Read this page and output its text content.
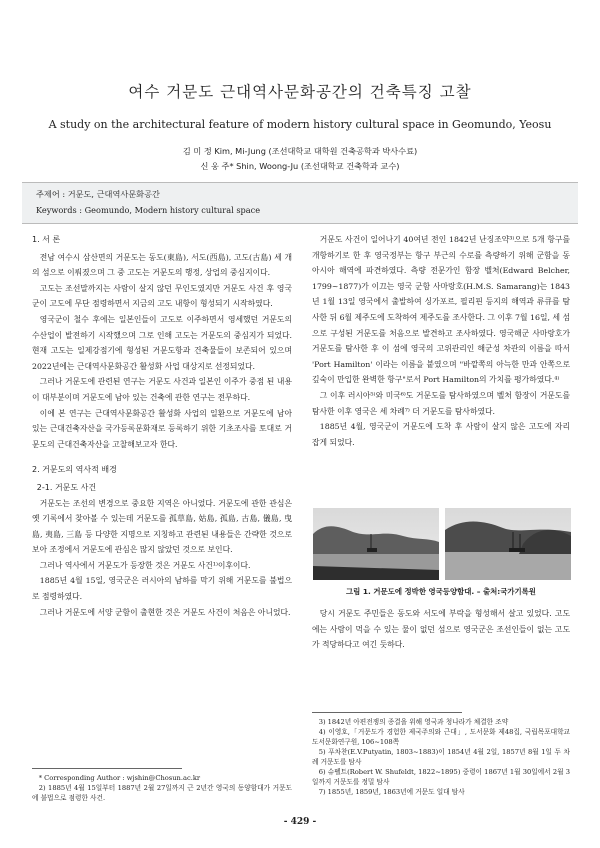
여수 거문도 근대역사문화공간의 건축특징 고찰
A study on the architectural feature of modern history cultural space in Geomundo, Yeosu
김 미 정 Kim, Mi-Jung (조선대학교 대학원 건축공학과 박사수료)
신 웅 주* Shin, Woong-Ju (조선대학교 건축학과 교수)
주제어 : 거문도, 근대역사문화공간
Keywords : Geomundo, Modern history cultural space
1. 서 론

전남 여수시 삼산면의 거문도는 동도(東島), 서도(西島), 고도(古島) 세 개의 섬으로 이뤄졌으며 그 중 고도는 거문도의 행정, 상업의 중심지이다.

고도는 조선말까지는 사람이 살지 않던 무인도였지만 거문도 사건 후 영국군이 고도에 무단 점령하면서 지금의 고도 내항이 형성되기 시작하였다.

영국군이 철수 후에는 일본인들이 고도로 이주하면서 영세했던 거문도의 수산업이 발전하기 시작했으며 그로 인해 고도는 거문도의 중심지가 되었다. 현재 고도는 일제강점기에 형성된 거문도항과 건축물들이 보존되어 있으며 2022년에는 근대역사문화공간 활성화 사업 대상지로 선정되었다.

그러나 거문도에 관련된 연구는 거문도 사건과 일본인 이주가 중점 된 내용이 대부분이며 거문도에 남아 있는 건축에 관한 연구는 전무하다.

이에 본 연구는 근대역사문화공간 활성화 사업의 일환으로 거문도에 남아 있는 근대건축자산을 국가등록문화재로 등록하기 위한 기초조사를 토대로 거문도의 근대건축자산을 고찰해보고자 한다.

2. 거문도의 역사적 배경
2-1. 거문도 사건

거문도는 조선의 변경으로 중요한 지역은 아니었다. 거문도에 관한 관심은 옛 기록에서 찾아볼 수 있는데 거문도를 孤草島, 姑島, 孤島, 古島, 儀島, 曳島, 夷島, 三島 등 다양한 지명으로 지칭하고 관련된 내용들은 간략한 것으로 보아 조정에서 거문도에 관심은 많지 않았던 것으로 보인다.

그러나 역사에서 거문도가 등장한 것은 거문도 사건¹⁾이후이다.

1885년 4월 15일, 영국군은 러시아의 남하를 막기 위해 거문도를 불법으로 점령하였다.

그러나 거문도에 서양 군함이 출현한 것은 거문도 사건이 처음은 아니었다.

* Corresponding Author : wjshin@Chosun.ac.kr

2) 1885년 4월 15일부터 1887년 2월 27일까지 근 2년간 영국의 동양함대가 거문도에 불법으로 점령한 사건.

거문도 사건이 일어나기 40여년 전인 1842년 난징조약³⁾으로 5개 항구를 개항하기로 한 후 영국정부는 항구 부근의 수로를 측량하기 위해 군함을 동아시아 해역에 파견하였다. 측량 전문가인 함장 벨처(Edward Belcher, 1799~1877)가 이끄는 영국 군함 사마랑호(H.M.S. Samarang)는 1843년 1월 13일 영국에서 출발하여 싱가포르, 필리핀 등지의 해역과 류큐를 탐사한 뒤 6월 제주도에 도착하여 제주도를 조사한다. 그 이후 7월 16일, 세 섬으로 구성된 거문도를 처음으로 발견하고 조사하였다. 영국해군 사마랑호가 거문도를 탐사한 후 이 섬에 영국의 고위관리인 해군성 차관의 이름을 따서 'Port Hamilton' 이라는 이름을 붙였으며 "바깥쪽의 아늑한 만과 안쪽으로 깊숙이 만입한 완벽한 항구"로서 Port Hamilton의 가치를 평가하였다.⁴⁾

그 이후 러시아⁵⁾와 미국⁶⁾도 거문도를 탐사하였으며 벨처 함장이 거문도를 탐사한 이후 영국은 세 차례⁷⁾ 더 거문도를 탐사하였다.

1885년 4월, 영국군이 거문도에 도착 후 사람이 살지 않은 고도에 자리 잡게 되었다.

그림 1. 거문도에 정박한 영국등양함대. – 출처:국가기록원

당시 거문도 주민들은 동도와 서도에 부락을 형성해서 살고 있었다. 고도에는 사람이 먹을 수 있는 물이 없던 섬으로 영국군은 조선인들이 없는 고도가 적당하다고 여긴 듯하다.

3) 1842년 아편전쟁의 종결을 위해 영국과 청나라가 체결한 조약

4) 이영호,「거문도가 경험한 제국주의와 근대」, 도서문화 제48집, 국립목포대학교 도서문화연구원, 106~108쪽

5) 푸차찬(E.V.Putyatin, 1803~1883)이 1854년 4월 2일, 1857년 8월 1일 두 차례 거문도를 탐사

6) 슈펠트(Robert W. Shufeldt, 1822~1895) 중령이 1867년 1월 30일에서 2월 3일까지 거문도를 정밀 탐사

7) 1855년, 1859년, 1863년에 거문도 일대 탐사

- 429 -
